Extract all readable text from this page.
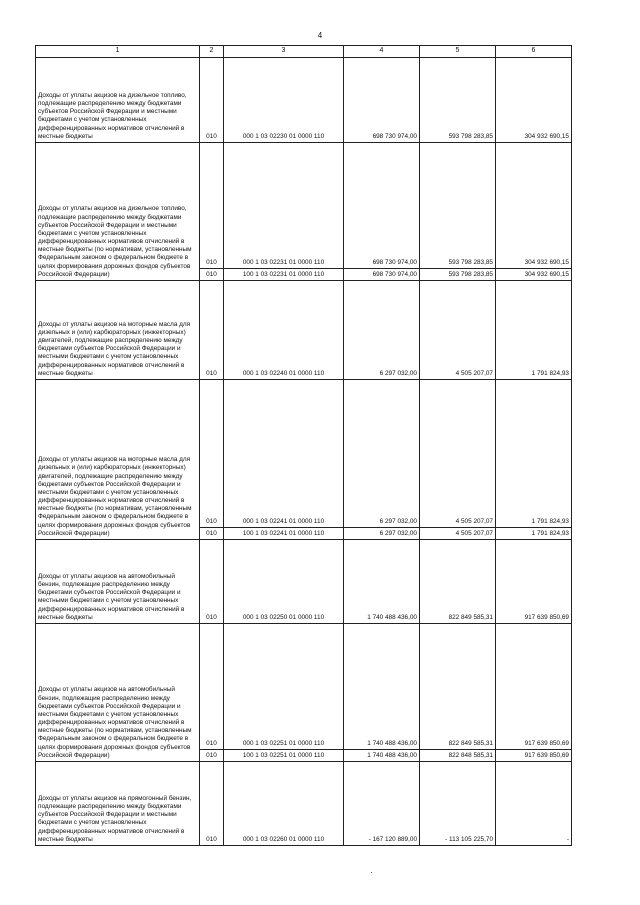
4
1	2	3	4	5	6
Доходы от уплаты акцизов на дизельное топливо, подлежащие распределению между бюджетами субъектов Российской Федерации и местными бюджетами с учетом установленных дифференцированных нормативов отчислений в местные бюджеты	010	000 1 03 02230 01 0000 110	698 730 974,00	593 798 283,85	304 932 690,15
Доходы от уплаты акцизов на дизельное топливо, подлежащие распределению между бюджетами субъектов Российской Федерации и местными бюджетами с учетом установленных дифференцированных нормативов отчислений в местные бюджеты (по нормативам, установленным Федеральным законом о федеральном бюджете в целях формирования дорожных фондов субъектов Российской Федерации)	010	000 1 03 02231 01 0000 110	698 730 974,00	593 798 283,85	304 932 690,15
	010	100 1 03 02231 01 0000 110	698 730 974,00	593 798 283,85	304 932 690,15
Доходы от уплаты акцизов на моторные масла для дизельных и (или) карбюраторных (инжекторных) двигателей, подлежащие распределению между бюджетами субъектов Российской Федерации и местными бюджетами с учетом установленных дифференцированных нормативов отчислений в местные бюджеты	010	000 1 03 02240 01 0000 110	6 297 032,00	4 505 207,07	1 791 824,93
Доходы от уплаты акцизов на моторные масла для дизельных и (или) карбюраторных (инжекторных) двигателей, подлежащие распределению между бюджетами субъектов Российской Федерации и местными бюджетами с учетом установленных дифференцированных нормативов отчислений в местные бюджеты (по нормативам, установленным Федеральным законом о федеральном бюджете в целях формирования дорожных фондов субъектов Российской Федерации)	010	000 1 03 02241 01 0000 110	6 297 032,00	4 505 207,07	1 791 824,93
	010	100 1 03 02241 01 0000 110	6 297 032,00	4 505 207,07	1 791 824,93
Доходы от уплаты акцизов на автомобильный бензин, подлежащие распределению между бюджетами субъектов Российской Федерации и местными бюджетами с учетом установленных дифференцированных нормативов отчислений в местные бюджеты	010	000 1 03 02250 01 0000 110	1 740 488 436,00	822 849 585,31	917 639 850,69
Доходы от уплаты акцизов на автомобильный бензин, подлежащие распределению между бюджетами субъектов Российской Федерации и местными бюджетами с учетом установленных дифференцированных нормативов отчислений в местные бюджеты (по нормативам, установленным Федеральным законом о федеральном бюджете в целях формирования дорожных фондов субъектов Российской Федерации)	010	000 1 03 02251 01 0000 110	1 740 488 436,00	822 849 585,31	917 639 850,69
	010	100 1 03 02251 01 0000 110	1 740 488 436,00	822 848 585,31	917 639 850,69
Доходы от уплаты акцизов на прямогонный бензин, подлежащие распределению между бюджетами субъектов Российской Федерации и местными бюджетами с учетом установленных дифференцированных нормативов отчислений в местные бюджеты	010	000 1 03 02260 01 0000 110	- 167 120 889,00	- 113 105 225,70	-
